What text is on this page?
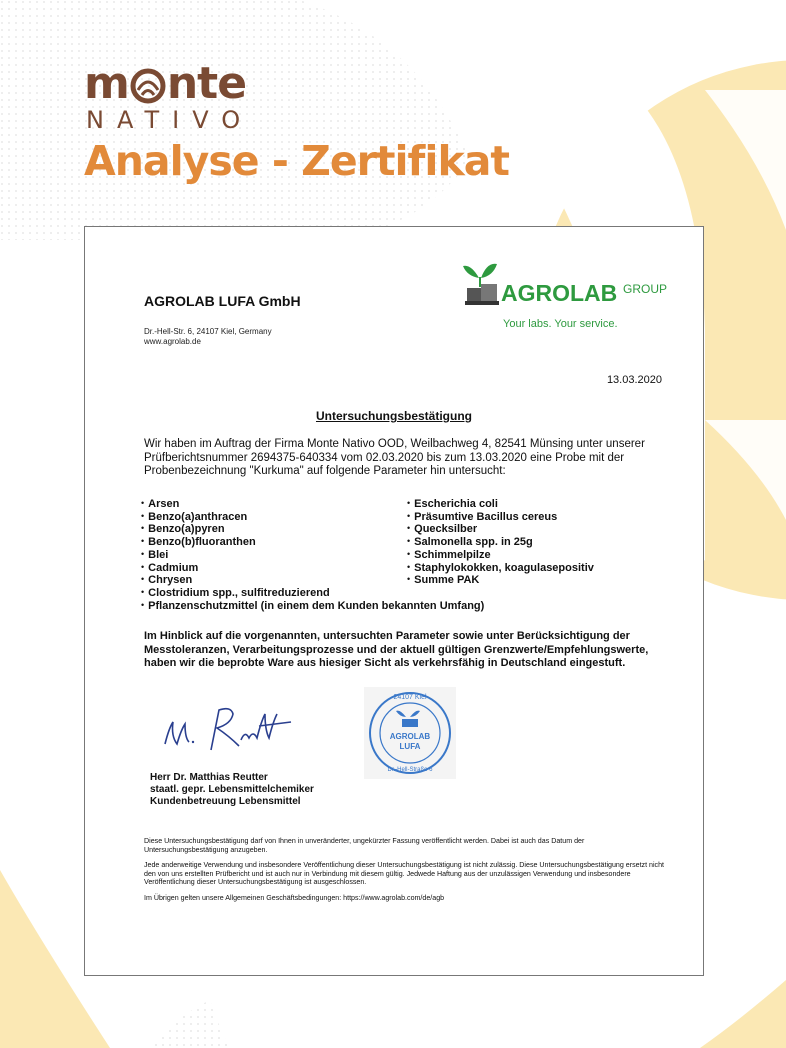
m nte
NATIVO
Analyse - Zertifikat
AGROLAB LUFA GmbH
Dr.-Hell-Str. 6, 24107 Kiel, Germany
www.agrolab.de
AGROLAB GROUP
Your labs. Your service.
13.03.2020
Untersuchungsbestätigung
Wir haben im Auftrag der Firma Monte Nativo OOD, Weilbachweg 4, 82541 Münsing unter unserer Prüfberichtsnummer 2694375-640334 vom 02.03.2020 bis zum 13.03.2020 eine Probe mit der Probenbezeichnung "Kurkuma" auf folgende Parameter hin untersucht:
• Arsen
• Benzo(a)anthracen
• Benzo(a)pyren
• Benzo(b)fluoranthen
• Blei
• Cadmium
• Chrysen
• Clostridium spp., sulfitreduzierend
• Pflanzenschutzmittel (in einem dem Kunden bekannten Umfang)
• Escherichia coli
• Präsumtive Bacillus cereus
• Quecksilber
• Salmonella spp. in 25g
• Schimmelpilze
• Staphylokokken, koagulasepositiv
• Summe PAK
Im Hinblick auf die vorgenannten, untersuchten Parameter sowie unter Berücksichtigung der Messtoleranzen, Verarbeitungsprozesse und der aktuell gültigen Grenzwerte/Empfehlungswerte, haben wir die beprobte Ware aus hiesiger Sicht als verkehrsfähig in Deutschland eingestuft.
24107 Kiel
AGROLAB
LUFA
Dr.-Hell-Straße 6
Herr Dr. Matthias Reutter
staatl. gepr. Lebensmittelchemiker
Kundenbetreuung Lebensmittel

Diese Untersuchungsbestätigung darf von Ihnen in unveränderter, ungekürzter Fassung veröffentlicht werden. Dabei ist auch das Datum der Untersuchungsbestätigung anzugeben.

Jede anderweitige Verwendung und insbesondere Veröffentlichung dieser Untersuchungsbestätigung ist nicht zulässig. Diese Untersuchungsbestätigung ersetzt nicht den von uns erstellten Prüfbericht und ist auch nur in Verbindung mit diesem gültig. Jedwede Haftung aus der unzulässigen Verwendung und insbesondere Veröffentlichung dieser Untersuchungsbestätigung ist ausgeschlossen.

Im Übrigen gelten unsere Allgemeinen Geschäftsbedingungen: https://www.agrolab.com/de/agb
